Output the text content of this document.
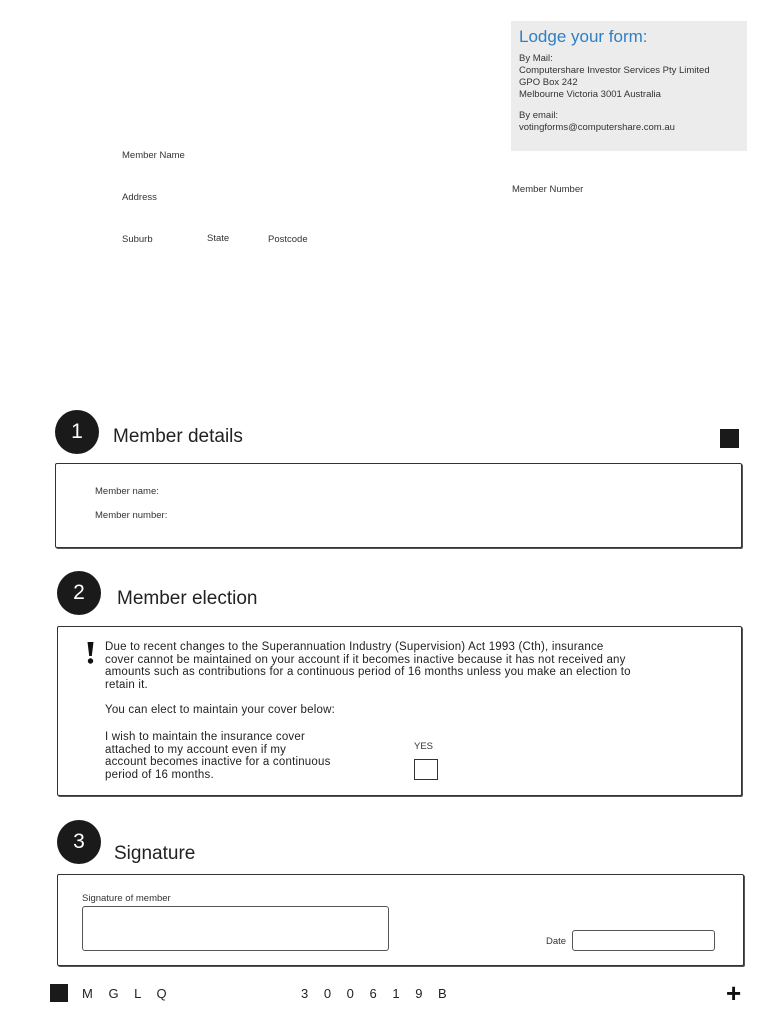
Lodge your form:
By Mail:
Computershare Investor Services Pty Limited
GPO Box 242
Melbourne Victoria 3001 Australia
By email:
votingforms@computershare.com.au
Member Name
Address
Suburb	State	Postcode
Member Number
1	Member details
Member name:
Member number:
2	Member election
Due to recent changes to the Superannuation Industry (Supervision) Act 1993 (Cth), insurance
cover cannot be maintained on your account if it becomes inactive because it has not received any
amounts such as contributions for a continuous period of 16 months unless you make an election to
retain it.
You can elect to maintain your cover below:
I wish to maintain the insurance cover
attached to my account even if my
account becomes inactive for a continuous
period of 16 months.
YES
3
Signature
Signature of member
Date
M G L Q	3 0 0 6 1 9 B	+
